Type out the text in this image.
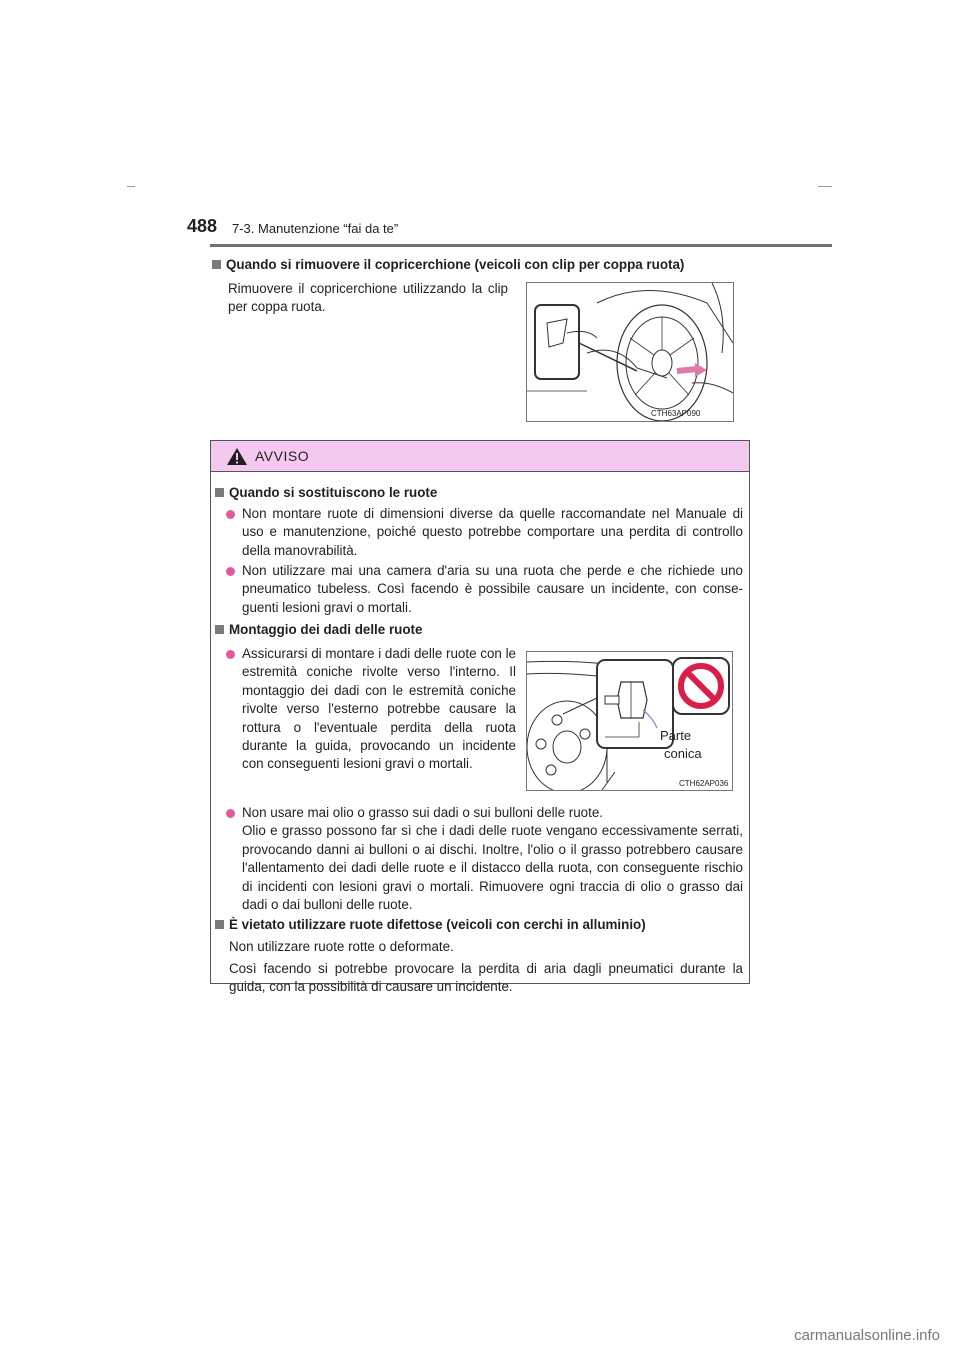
488 7-3. Manutenzione “fai da te”
Quando si rimuovere il copricerchione (veicoli con clip per coppa ruota)
Rimuovere il copricerchione utilizzando la clip per coppa ruota.
CTH63AP090
AVVISO
Quando si sostituiscono le ruote
Non montare ruote di dimensioni diverse da quelle raccomandate nel Manuale di uso e manutenzione, poiché questo potrebbe comportare una perdita di controllo della manovrabilità.
Non utilizzare mai una camera d'aria su una ruota che perde e che richiede uno pneumatico tubeless. Così facendo è possibile causare un incidente, con conse-guenti lesioni gravi o mortali.
Montaggio dei dadi delle ruote
Assicurarsi di montare i dadi delle ruote con le estremità coniche rivolte verso l'interno. Il montaggio dei dadi con le estremità coniche rivolte verso l'esterno potrebbe causare la rottura o l'eventuale perdita della ruota durante la guida, provocando un incidente con conseguenti lesioni gravi o mortali.
Parte
conica
CTH62AP036
Non usare mai olio o grasso sui dadi o sui bulloni delle ruote.
Olio e grasso possono far sì che i dadi delle ruote vengano eccessivamente serrati, provocando danni ai bulloni o ai dischi. Inoltre, l'olio o il grasso potrebbero causare l'allentamento dei dadi delle ruote e il distacco della ruota, con conseguente rischio di incidenti con lesioni gravi o mortali. Rimuovere ogni traccia di olio o grasso dai dadi o dai bulloni delle ruote.
È vietato utilizzare ruote difettose (veicoli con cerchi in alluminio)
Non utilizzare ruote rotte o deformate.
Così facendo si potrebbe provocare la perdita di aria dagli pneumatici durante la guida, con la possibilità di causare un incidente.
carmanualsonline.info
